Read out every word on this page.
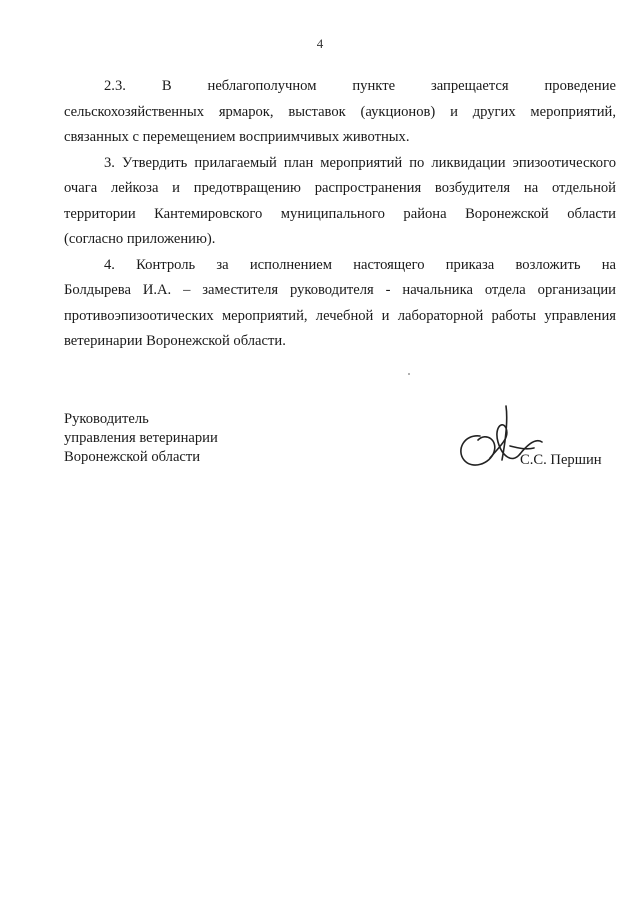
4
2.3. В неблагополучном пункте запрещается проведение
сельскохозяйственных ярмарок, выставок (аукционов) и других мероприятий,
связанных с перемещением восприимчивых животных.
3. Утвердить прилагаемый план мероприятий по ликвидации эпизоотического
очага лейкоза и предотвращению распространения возбудителя на отдельной
территории Кантемировского муниципального района Воронежской области
(согласно приложению).
4. Контроль за исполнением настоящего приказа возложить на
Болдырева И.А. – заместителя руководителя - начальника отдела организации
противоэпизоотических мероприятий, лечебной и лабораторной работы управления
ветеринарии Воронежской области.
Руководитель
управления ветеринарии
Воронежской области	С.С. Першин
